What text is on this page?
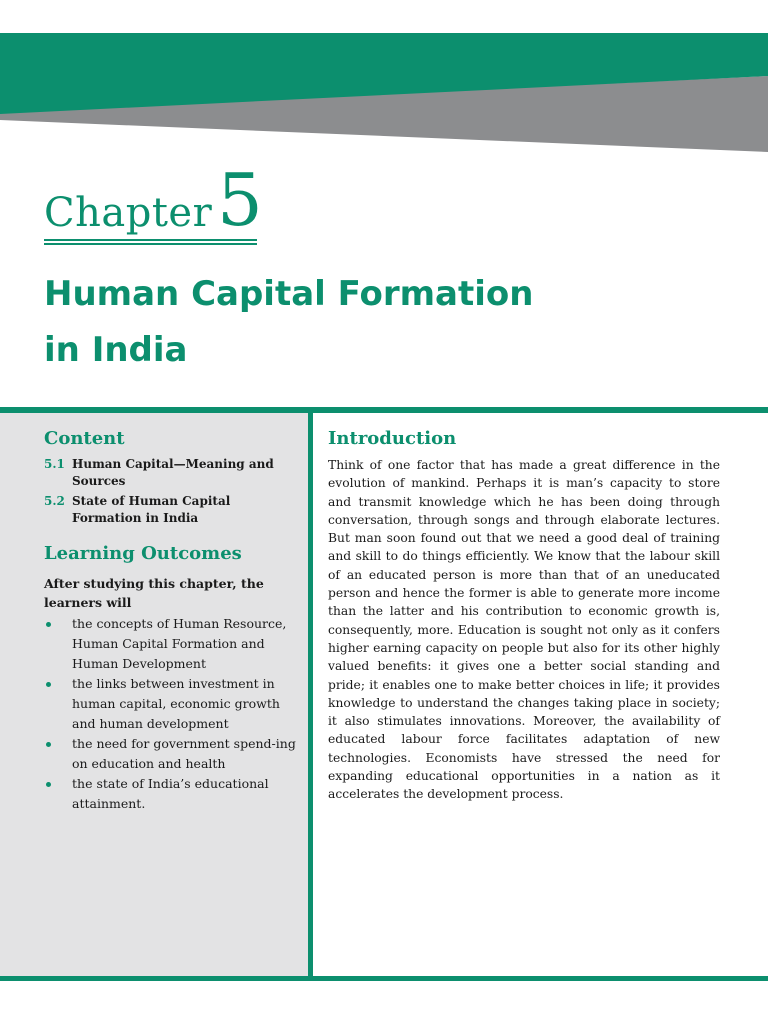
Chapter 5
Human Capital Formation
in India
Content
5.1 Human Capital—Meaning and Sources
5.2 State of Human Capital Formation in India
Learning Outcomes
After studying this chapter, the learners will
the concepts of Human Resource, Human Capital Formation and Human Development
the links between investment in human capital, economic growth and human development
the need for government spend-ing on education and health
the state of India’s educational attainment.
Introduction

Think of one factor that has made a great difference in the evolution of mankind. Perhaps it is man’s capacity to store and transmit knowledge which he has been doing through conversation, through songs and through elaborate lectures. But man soon found out that we need a good deal of training and skill to do things efficiently. We know that the labour skill of an educated person is more than that of an uneducated person and hence the former is able to generate more income than the latter and his contribution to economic growth is, consequently, more. Education is sought not only as it confers higher earning capacity on people but also for its other highly valued benefits: it gives one a better social standing and pride; it enables one to make better choices in life; it provides knowledge to understand the changes taking place in society; it also stimulates innovations. Moreover, the availability of educated labour force facilitates adaptation of new technologies. Economists have stressed the need for expanding educational opportunities in a nation as it accelerates the development process.
